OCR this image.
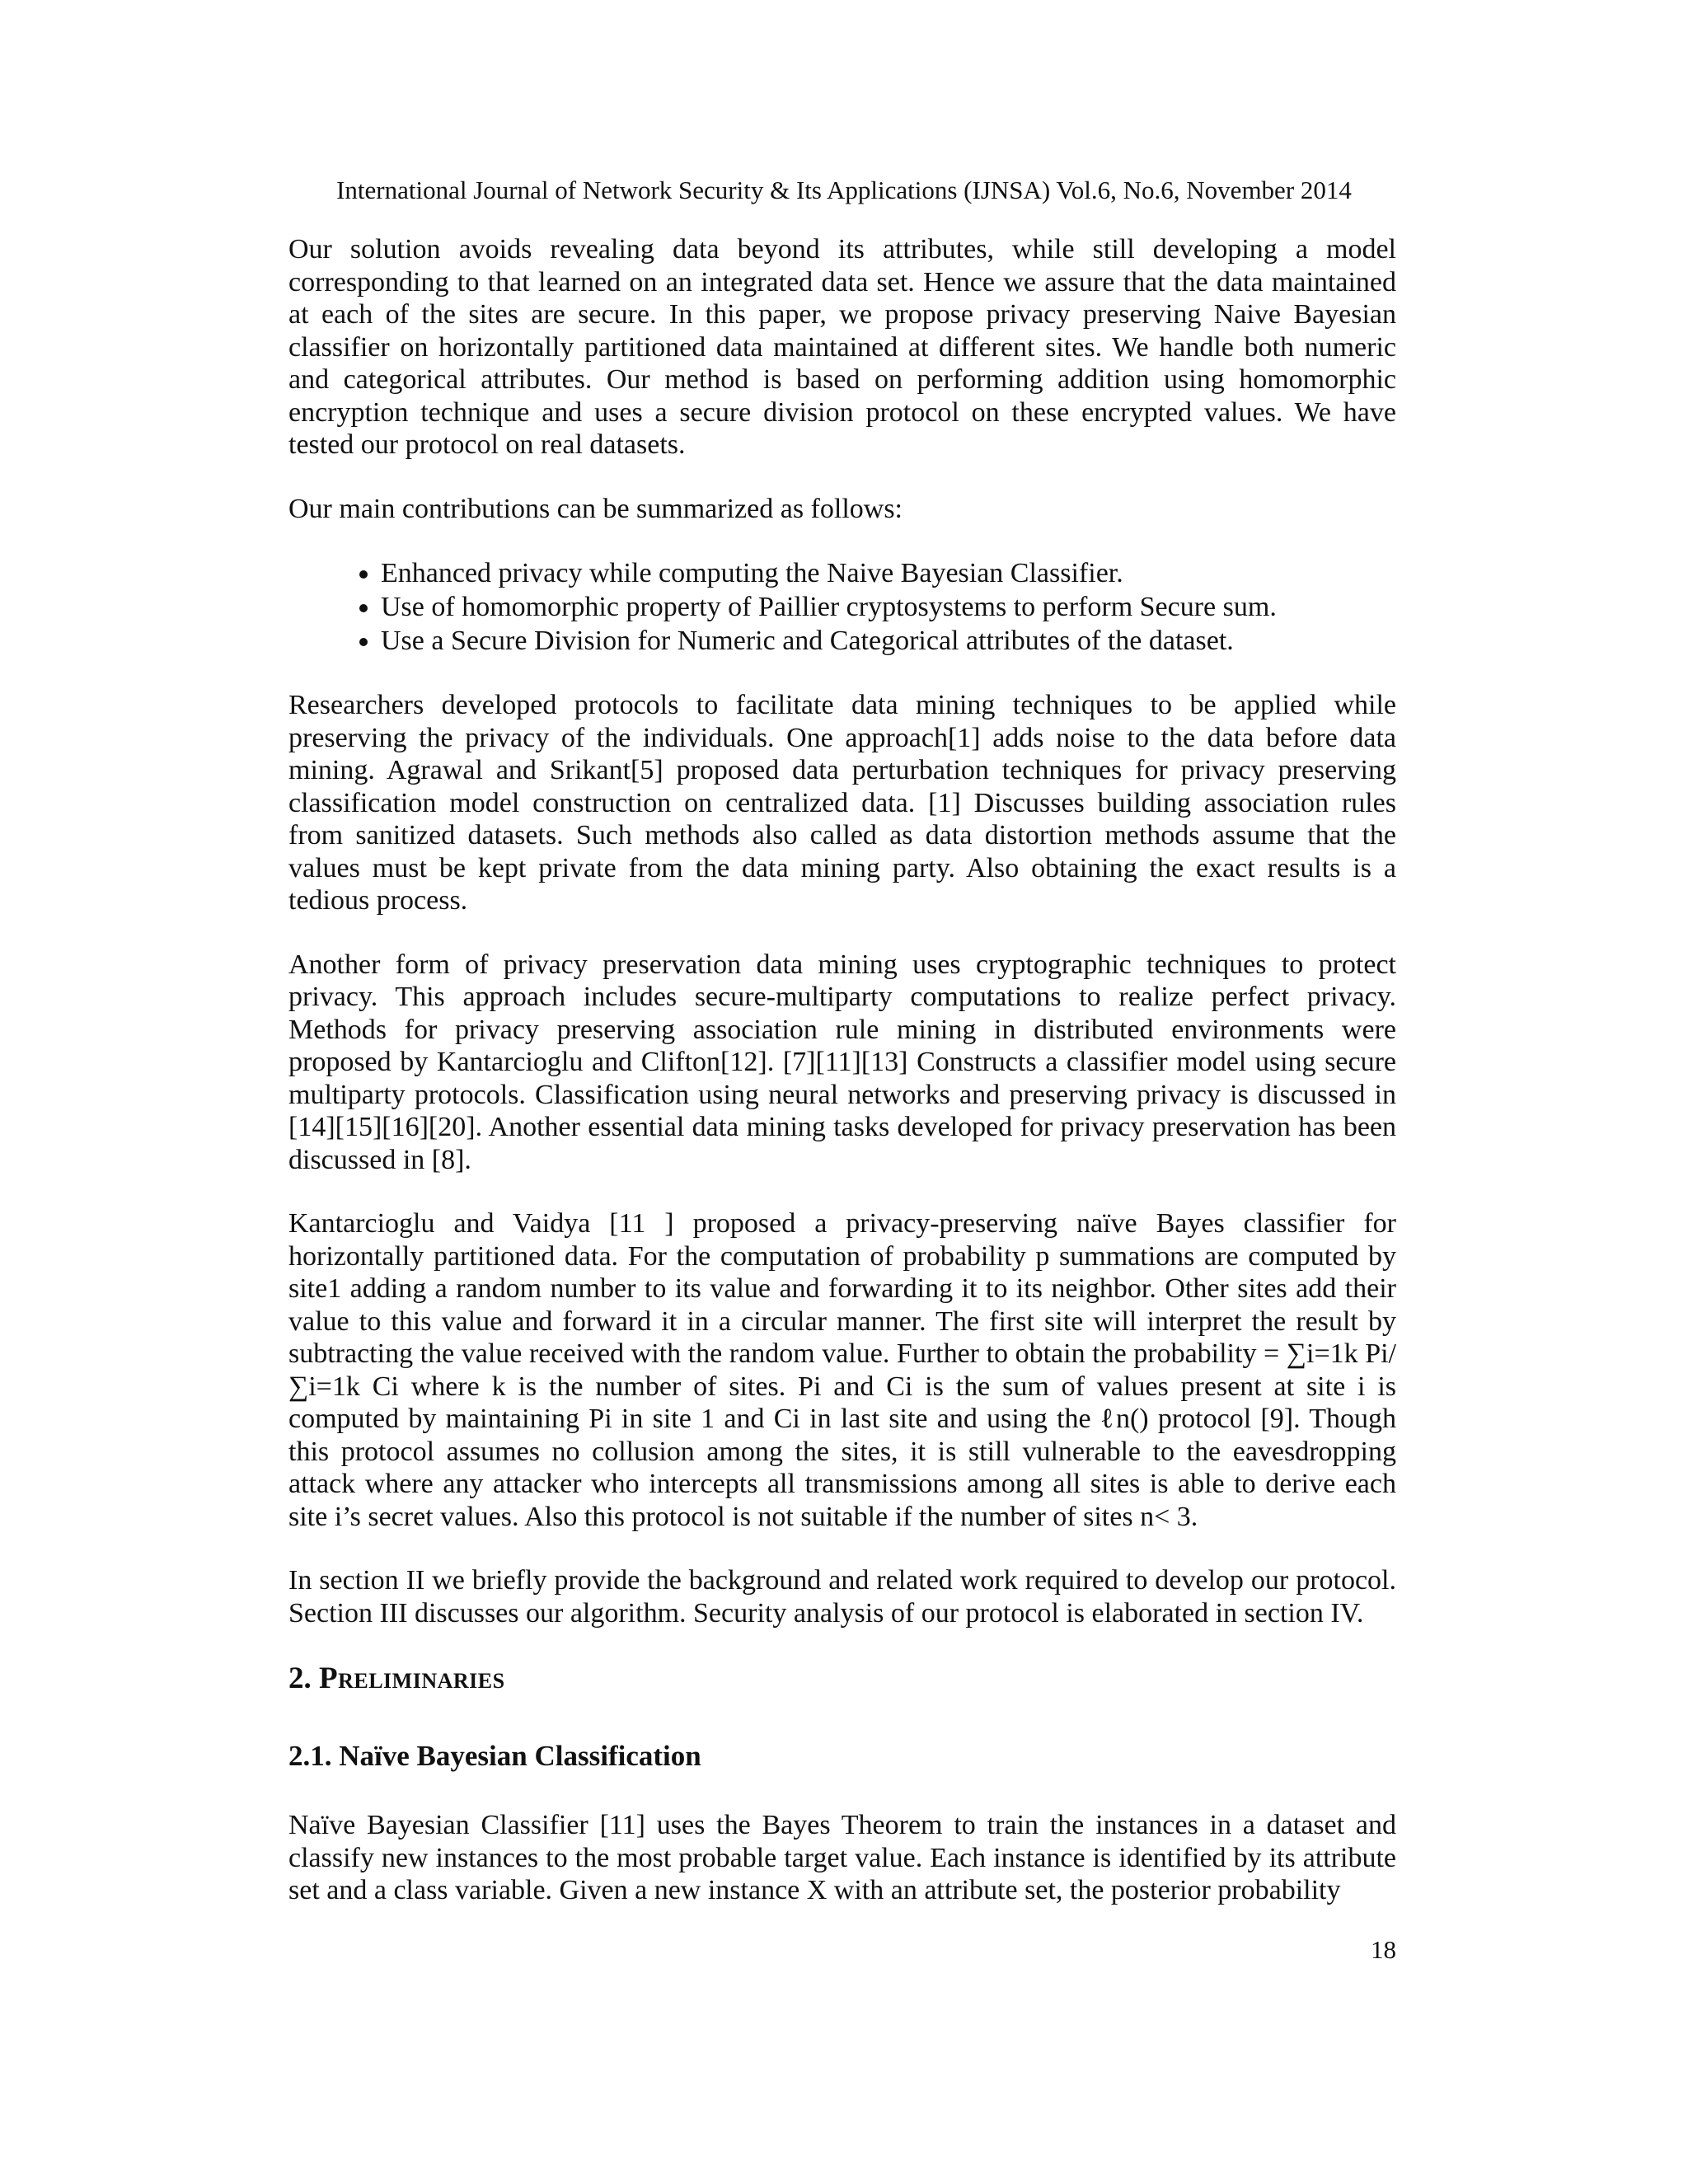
International Journal of Network Security & Its Applications (IJNSA) Vol.6, No.6, November 2014

Our solution avoids revealing data beyond its attributes, while still developing a model corresponding to that learned on an integrated data set. Hence we assure that the data maintained at each of the sites are secure. In this paper, we propose privacy preserving Naive Bayesian classifier on horizontally partitioned data maintained at different sites. We handle both numeric and categorical attributes. Our method is based on performing addition using homomorphic encryption technique and uses a secure division protocol on these encrypted values. We have tested our protocol on real datasets.

Our main contributions can be summarized as follows:

• Enhanced privacy while computing the Naive Bayesian Classifier.
• Use of homomorphic property of Paillier cryptosystems to perform Secure sum.
• Use a Secure Division for Numeric and Categorical attributes of the dataset.

Researchers developed protocols to facilitate data mining techniques to be applied while preserving the privacy of the individuals. One approach[1] adds noise to the data before data mining. Agrawal and Srikant[5] proposed data perturbation techniques for privacy preserving classification model construction on centralized data. [1] Discusses building association rules from sanitized datasets. Such methods also called as data distortion methods assume that the values must be kept private from the data mining party. Also obtaining the exact results is a tedious process.

Another form of privacy preservation data mining uses cryptographic techniques to protect privacy. This approach includes secure-multiparty computations to realize perfect privacy. Methods for privacy preserving association rule mining in distributed environments were proposed by Kantarcioglu and Clifton[12]. [7][11][13] Constructs a classifier model using secure multiparty protocols. Classification using neural networks and preserving privacy is discussed in [14][15][16][20]. Another essential data mining tasks developed for privacy preservation has been discussed in [8].

Kantarcioglu and Vaidya [11 ] proposed a privacy-preserving naïve Bayes classifier for horizontally partitioned data. For the computation of probability p summations are computed by site1 adding a random number to its value and forwarding it to its neighbor. Other sites add their value to this value and forward it in a circular manner. The first site will interpret the result by subtracting the value received with the random value. Further to obtain the probability = ∑i=1k Pi/∑i=1k Ci where k is the number of sites. Pi and Ci is the sum of values present at site i is computed by maintaining Pi in site 1 and Ci in last site and using the ℓn() protocol [9]. Though this protocol assumes no collusion among the sites, it is still vulnerable to the eavesdropping attack where any attacker who intercepts all transmissions among all sites is able to derive each site i’s secret values. Also this protocol is not suitable if the number of sites n< 3.

In section II we briefly provide the background and related work required to develop our protocol. Section III discusses our algorithm. Security analysis of our protocol is elaborated in section IV.

2. Preliminaries
2.1. Naïve Bayesian Classification

Naïve Bayesian Classifier [11] uses the Bayes Theorem to train the instances in a dataset and classify new instances to the most probable target value. Each instance is identified by its attribute set and a class variable. Given a new instance X with an attribute set, the posterior probability

18
